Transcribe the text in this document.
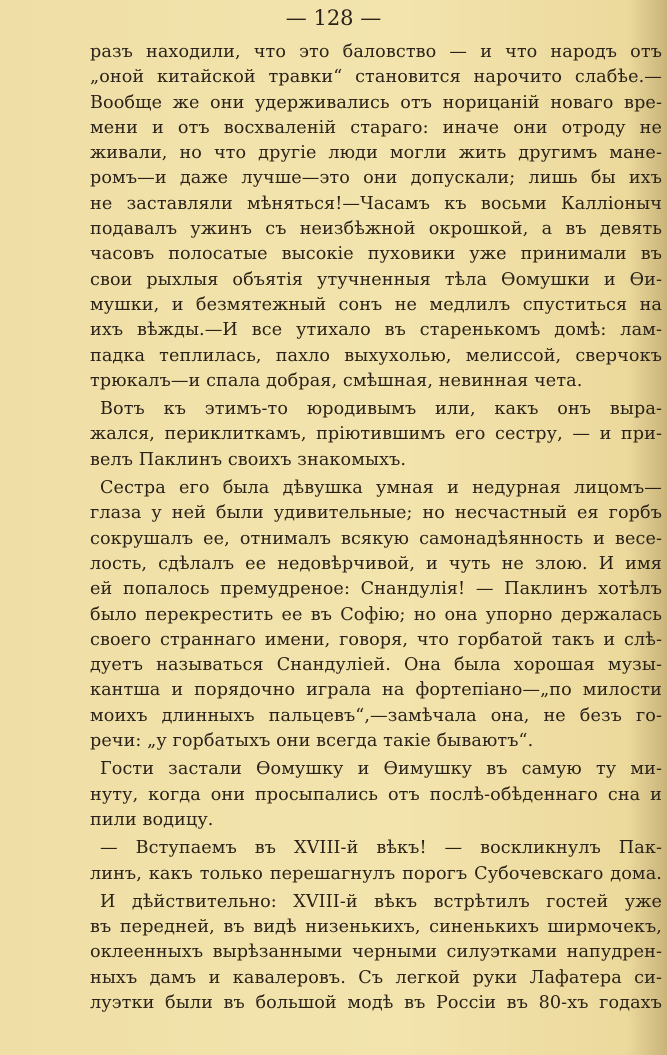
— 128 —
разъ находили, что это баловство — и что народъ отъ
„оной китайской травки“ становится нарочито слабѣе.—
Вообще же они удерживались отъ норицаній новаго вре-
мени и отъ восхваленій стараго: иначе они отроду не
живали, но что другіе люди могли жить другимъ мане-
ромъ—и даже лучше—это они допускали; лишь бы ихъ
не заставляли мѣняться!—Часамъ къ восьми Калліоныч
подавалъ ужинъ съ неизбѣжной окрошкой, а въ девять
часовъ полосатые высокіе пуховики уже принимали въ
свои рыхлыя объятія утучненныя тѣла Ѳомушки и Ѳи-
мушки, и безмятежный сонъ не медлилъ спуститься на
ихъ вѣжды.—И все утихало въ старенькомъ домѣ: лам-
падка теплилась, пахло выхухолью, мелиссой, сверчокъ
трюкалъ—и спала добрая, смѣшная, невинная чета.
Вотъ къ этимъ-то юродивымъ или, какъ онъ выра-
жался, периклиткамъ, пріютившимъ его сестру, — и при-
велъ Паклинъ своихъ знакомыхъ.
Сестра его была дѣвушка умная и недурная лицомъ—
глаза у ней были удивительные; но несчастный ея горбъ
сокрушалъ ее, отнималъ всякую самонадѣянность и весе-
лость, сдѣлалъ ее недовѣрчивой, и чуть не злою. И имя
ей попалось премудреное: Снандулія! — Паклинъ хотѣлъ
было перекрестить ее въ Софію; но она упорно держалась
своего страннаго имени, говоря, что горбатой такъ и слѣ-
дуетъ называться Снандуліей. Она была хорошая музы-
кантша и порядочно играла на фортепіано—„по милости
моихъ длинныхъ пальцевъ“,—замѣчала она, не безъ го-
речи: „у горбатыхъ они всегда такіе бываютъ“.
Гости застали Ѳомушку и Ѳимушку въ самую ту ми-
нуту, когда они просыпались отъ послѣ-обѣденнаго сна и
пили водицу.
— Вступаемъ въ XVIII-й вѣкъ! — воскликнулъ Пак-
линъ, какъ только перешагнулъ порогъ Субочевскаго дома.
И дѣйствительно: XVIII-й вѣкъ встрѣтилъ гостей уже
въ передней, въ видѣ низенькихъ, синенькихъ ширмочекъ,
оклеенныхъ вырѣзанными черными силуэтками напудрен-
ныхъ дамъ и кавалеровъ. Съ легкой руки Лафатера си-
луэтки были въ большой модѣ въ Россіи въ 80-хъ годахъ
